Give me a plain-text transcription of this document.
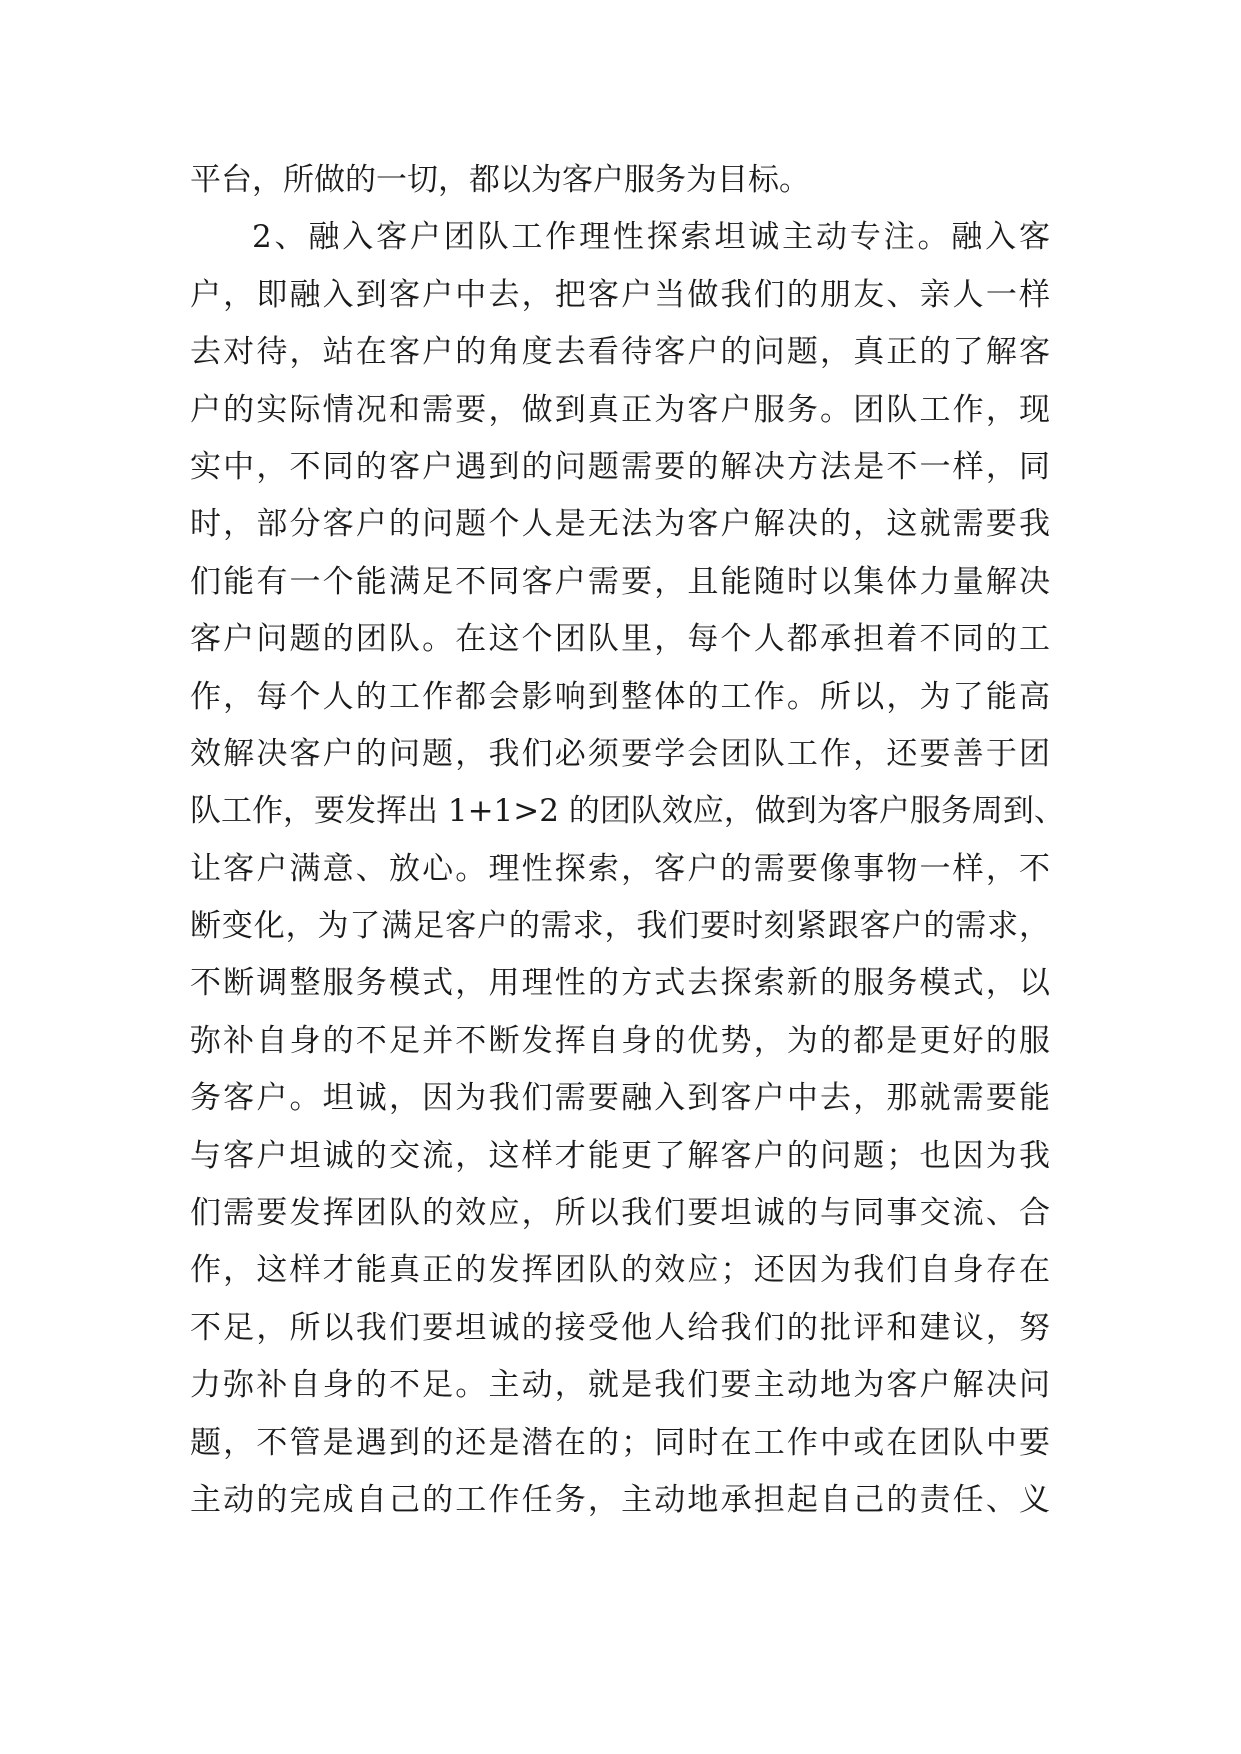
平台，所做的一切，都以为客户服务为目标。
2、融入客户团队工作理性探索坦诚主动专注。融入客
户，即融入到客户中去，把客户当做我们的朋友、亲人一样
去对待，站在客户的角度去看待客户的问题，真正的了解客
户的实际情况和需要，做到真正为客户服务。团队工作，现
实中，不同的客户遇到的问题需要的解决方法是不一样，同
时，部分客户的问题个人是无法为客户解决的，这就需要我
们能有一个能满足不同客户需要，且能随时以集体力量解决
客户问题的团队。在这个团队里，每个人都承担着不同的工
作，每个人的工作都会影响到整体的工作。所以，为了能高
效解决客户的问题，我们必须要学会团队工作，还要善于团
队工作，要发挥出 1+1>2 的团队效应，做到为客户服务周到、
让客户满意、放心。理性探索，客户的需要像事物一样，不
断变化，为了满足客户的需求，我们要时刻紧跟客户的需求，
不断调整服务模式，用理性的方式去探索新的服务模式，以
弥补自身的不足并不断发挥自身的优势，为的都是更好的服
务客户。坦诚，因为我们需要融入到客户中去，那就需要能
与客户坦诚的交流，这样才能更了解客户的问题；也因为我
们需要发挥团队的效应，所以我们要坦诚的与同事交流、合
作，这样才能真正的发挥团队的效应；还因为我们自身存在
不足，所以我们要坦诚的接受他人给我们的批评和建议，努
力弥补自身的不足。主动，就是我们要主动地为客户解决问
题，不管是遇到的还是潜在的；同时在工作中或在团队中要
主动的完成自己的工作任务，主动地承担起自己的责任、义
